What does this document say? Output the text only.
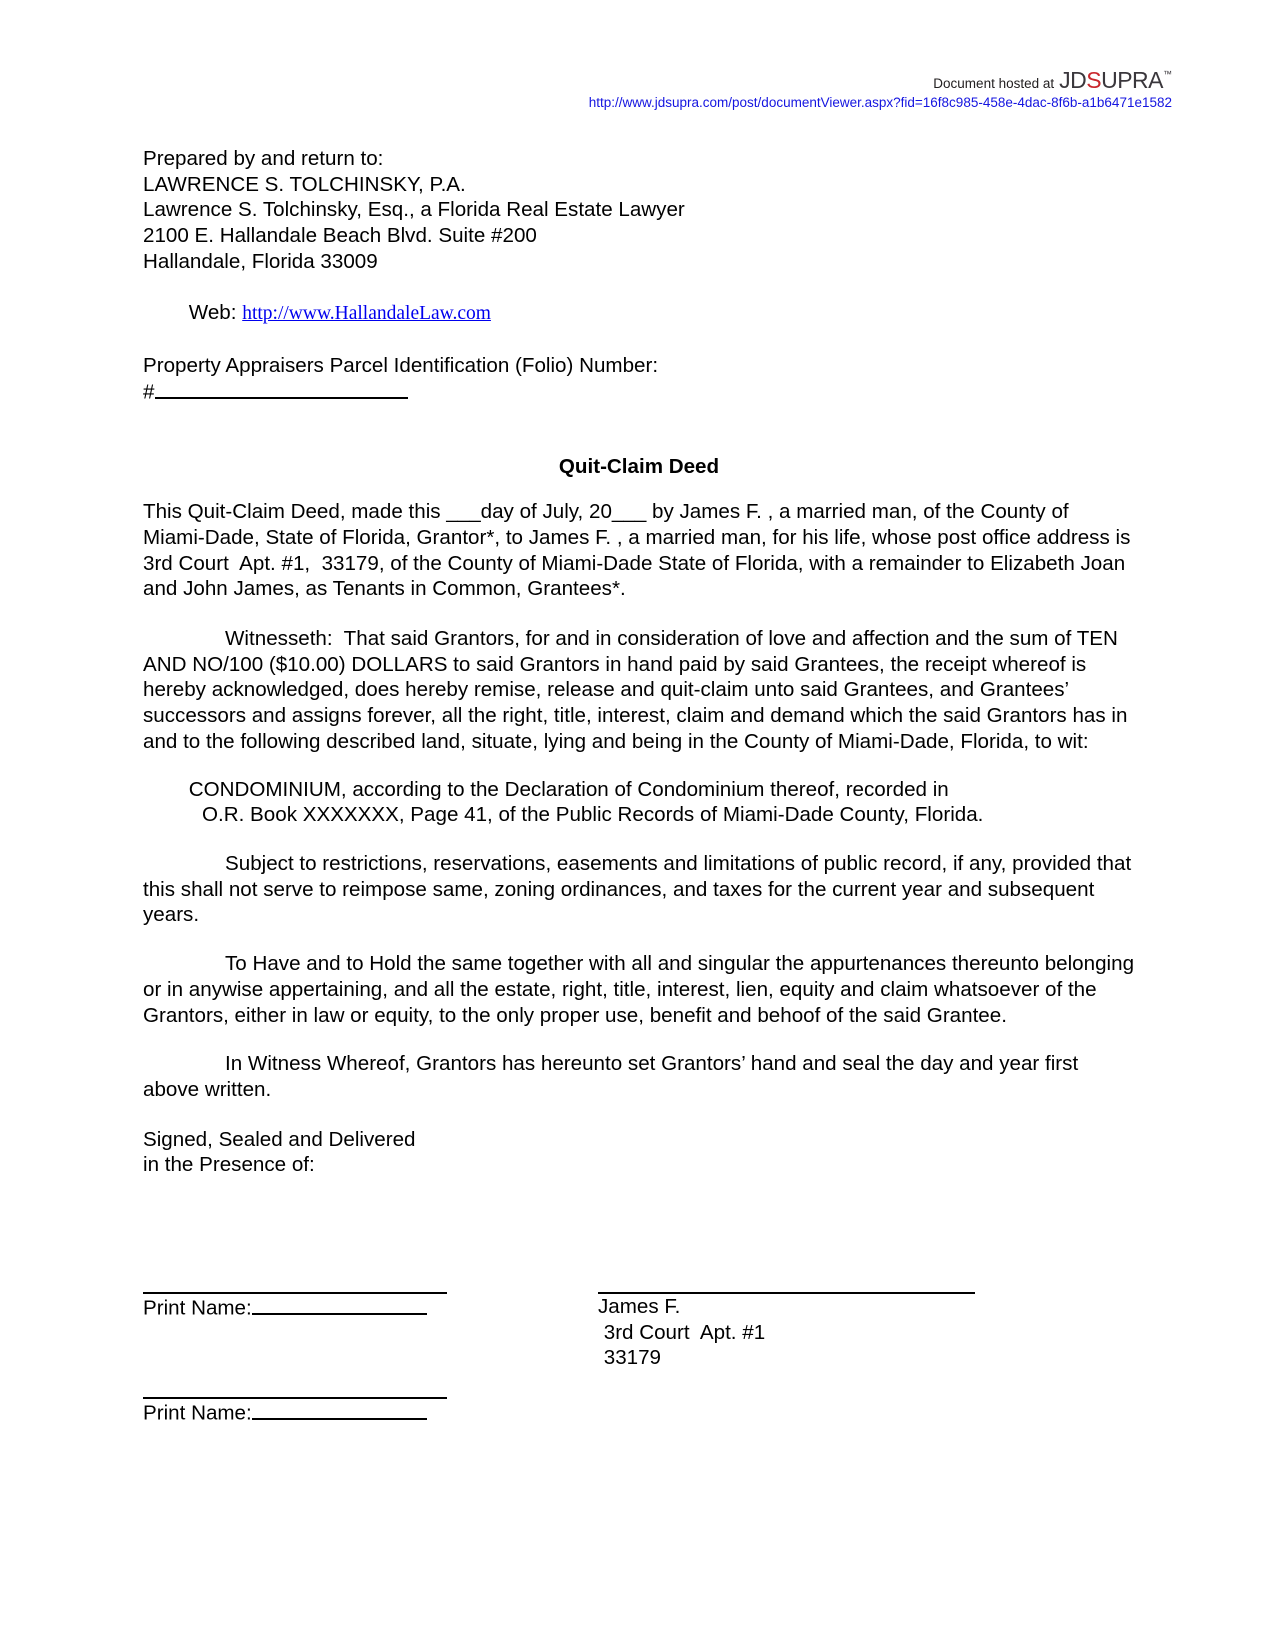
Document hosted at JDSUPRA™
http://www.jdsupra.com/post/documentViewer.aspx?fid=16f8c985-458e-4dac-8f6b-a1b6471e1582
Prepared by and return to:
LAWRENCE S. TOLCHINSKY, P.A.
Lawrence S. Tolchinsky, Esq., a Florida Real Estate Lawyer
2100 E. Hallandale Beach Blvd. Suite #200
Hallandale, Florida 33009

Web: http://www.HallandaleLaw.com

Property Appraisers Parcel Identification (Folio) Number:
#
Quit-Claim Deed

This Quit-Claim Deed, made this ___day of July, 20___ by James F. , a married man, of the County of  Miami-Dade, State of Florida, Grantor*, to James F. , a married man, for his life, whose post office address is  3rd Court  Apt. #1,  33179, of the County of Miami-Dade State of Florida, with a remainder to Elizabeth Joan  and John James, as Tenants in Common, Grantees*.

Witnesseth:  That said Grantors, for and in consideration of love and affection and the sum of TEN AND NO/100 ($10.00) DOLLARS to said Grantors in hand paid by said Grantees, the receipt whereof is hereby acknowledged, does hereby remise, release and quit-claim unto said Grantees, and Grantees’ successors and assigns forever, all the right, title, interest, claim and demand which the said Grantors has in and to the following described land, situate, lying and being in the County of Miami-Dade, Florida, to wit:

CONDOMINIUM, according to the Declaration of Condominium thereof, recorded in
O.R. Book XXXXXXX, Page 41, of the Public Records of Miami-Dade County, Florida.

Subject to restrictions, reservations, easements and limitations of public record, if any, provided that this shall not serve to reimpose same, zoning ordinances, and taxes for the current year and subsequent years.

To Have and to Hold the same together with all and singular the appurtenances thereunto belonging or in anywise appertaining, and all the estate, right, title, interest, lien, equity and claim whatsoever of the Grantors, either in law or equity, to the only proper use, benefit and behoof of the said Grantee.

In Witness Whereof, Grantors has hereunto set Grantors’ hand and seal the day and year first above written.

Signed, Sealed and Delivered
in the Presence of:
Print Name:	James F.
3rd Court  Apt. #1
33179
Print Name:
